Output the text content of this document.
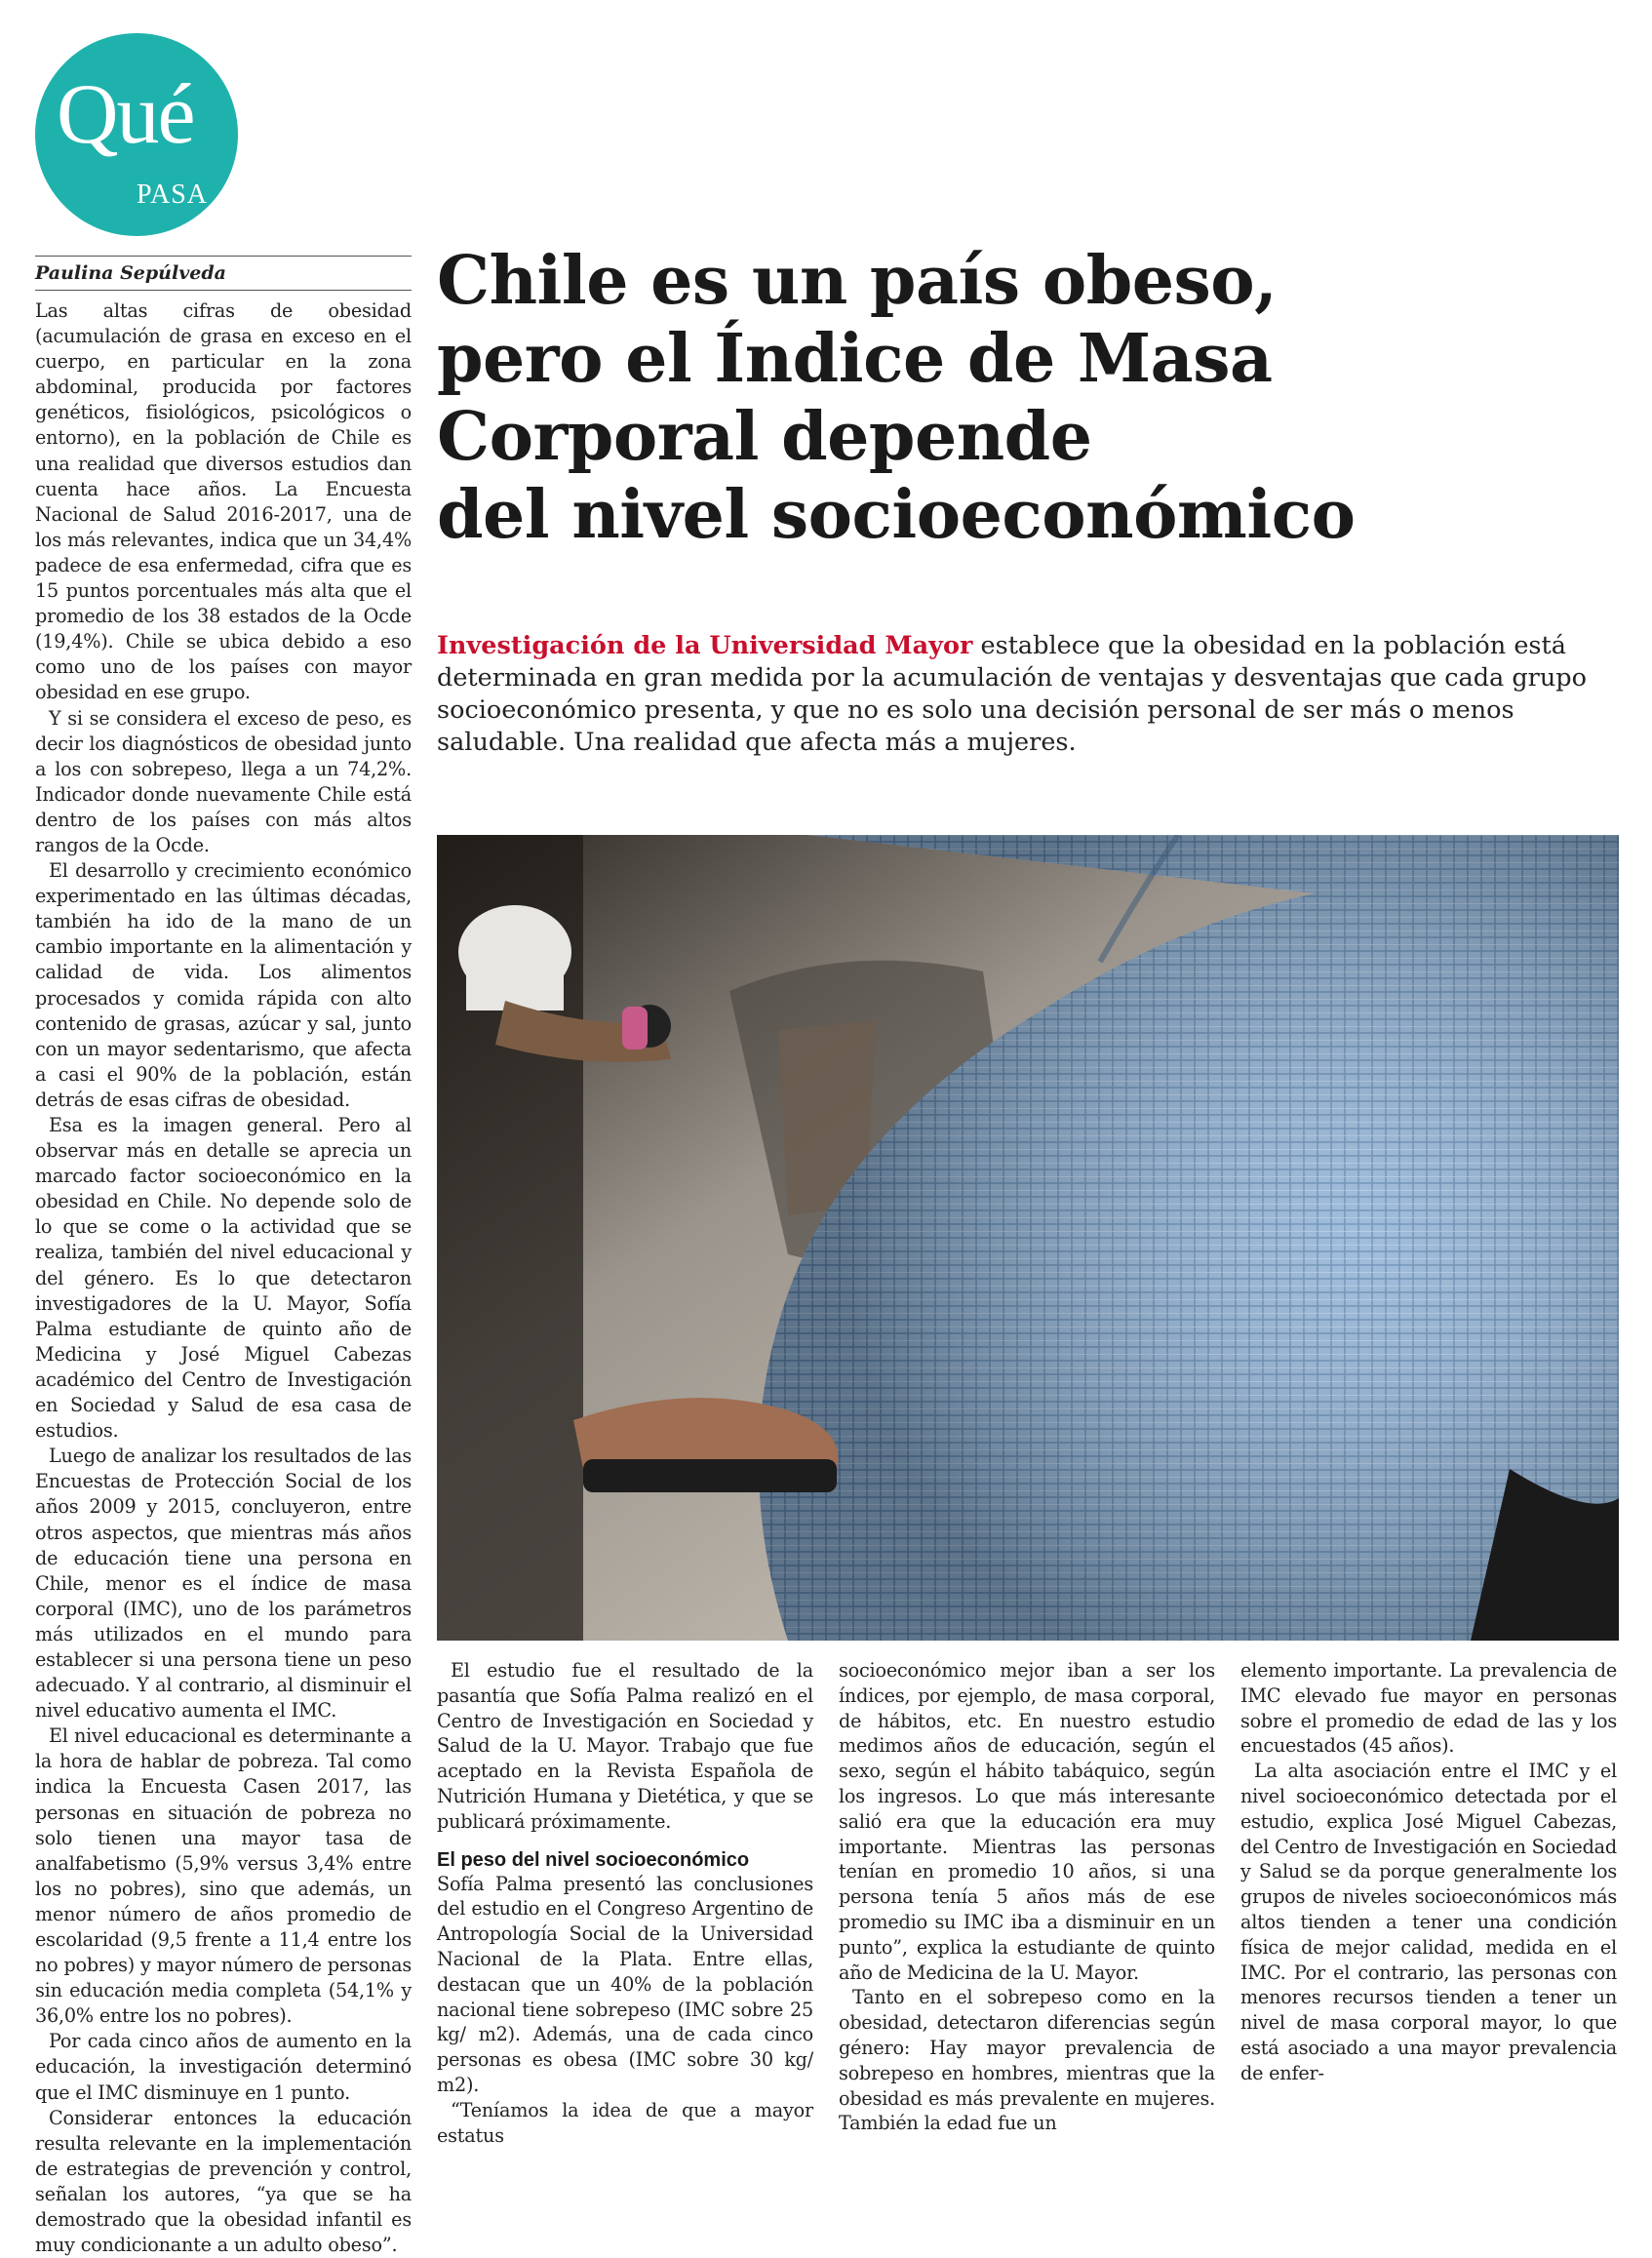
Qué
PASA
Chile es un país obeso,
pero el Índice de Masa
Corporal depende
del nivel socioeconómico
Investigación de la Universidad Mayor establece que la obesidad en la población está determinada en gran medida por la acumulación de ventajas y desventajas que cada grupo socioeconómico presenta, y que no es solo una decisión personal de ser más o menos saludable. Una realidad que afecta más a mujeres.
Paulina Sepúlveda

Las altas cifras de obesidad (acumulación de grasa en exceso en el cuerpo, en particular en la zona abdominal, producida por factores genéticos, fisiológicos, psicológicos o entorno), en la población de Chile es una realidad que diversos estudios dan cuenta hace años. La Encuesta Nacional de Salud 2016-2017, una de los más relevantes, indica que un 34,4% padece de esa enfermedad, cifra que es 15 puntos porcentuales más alta que el promedio de los 38 estados de la Ocde (19,4%). Chile se ubica debido a eso como uno de los países con mayor obesidad en ese grupo.

Y si se considera el exceso de peso, es decir los diagnósticos de obesidad junto a los con sobrepeso, llega a un 74,2%. Indicador donde nuevamente Chile está dentro de los países con más altos rangos de la Ocde.

El desarrollo y crecimiento económico experimentado en las últimas décadas, también ha ido de la mano de un cambio importante en la alimentación y calidad de vida. Los alimentos procesados y comida rápida con alto contenido de grasas, azúcar y sal, junto con un mayor sedentarismo, que afecta a casi el 90% de la población, están detrás de esas cifras de obesidad.

Esa es la imagen general. Pero al observar más en detalle se aprecia un marcado factor socioeconómico en la obesidad en Chile. No depende solo de lo que se come o la actividad que se realiza, también del nivel educacional y del género. Es lo que detectaron investigadores de la U. Mayor, Sofía Palma estudiante de quinto año de Medicina y José Miguel Cabezas académico del Centro de Investigación en Sociedad y Salud de esa casa de estudios.

Luego de analizar los resultados de las Encuestas de Protección Social de los años 2009 y 2015, concluyeron, entre otros aspectos, que mientras más años de educación tiene una persona en Chile, menor es el índice de masa corporal (IMC), uno de los parámetros más utilizados en el mundo para establecer si una persona tiene un peso adecuado. Y al contrario, al disminuir el nivel educativo aumenta el IMC.

El nivel educacional es determinante a la hora de hablar de pobreza. Tal como indica la Encuesta Casen 2017, las personas en situación de pobreza no solo tienen una mayor tasa de analfabetismo (5,9% versus 3,4% entre los no pobres), sino que además, un menor número de años promedio de escolaridad (9,5 frente a 11,4 entre los no pobres) y mayor número de personas sin educación media completa (54,1% y 36,0% entre los no pobres).

Por cada cinco años de aumento en la educación, la investigación determinó que el IMC disminuye en 1 punto.

Considerar entonces la educación resulta relevante en la implementación de estrategias de prevención y control, señalan los autores, “ya que se ha demostrado que la obesidad infantil es muy condicionante a un adulto obeso”.

El estudio fue el resultado de la pasantía que Sofía Palma realizó en el Centro de Investigación en Sociedad y Salud de la U. Mayor. Trabajo que fue aceptado en la Revista Española de Nutrición Humana y Dietética, y que se publicará próximamente.

El peso del nivel socioeconómico

Sofía Palma presentó las conclusiones del estudio en el Congreso Argentino de Antropología Social de la Universidad Nacional de la Plata. Entre ellas, destacan que un 40% de la población nacional tiene sobrepeso (IMC sobre 25 kg/ m2). Además, una de cada cinco personas es obesa (IMC sobre 30 kg/ m2).

“Teníamos la idea de que a mayor estatus

socioeconómico mejor iban a ser los índices, por ejemplo, de masa corporal, de hábitos, etc. En nuestro estudio medimos años de educación, según el sexo, según el hábito tabáquico, según los ingresos. Lo que más interesante salió era que la educación era muy importante. Mientras las personas tenían en promedio 10 años, si una persona tenía 5 años más de ese promedio su IMC iba a disminuir en un punto”, explica la estudiante de quinto año de Medicina de la U. Mayor.

Tanto en el sobrepeso como en la obesidad, detectaron diferencias según género: Hay mayor prevalencia de sobrepeso en hombres, mientras que la obesidad es más prevalente en mujeres. También la edad fue un

elemento importante. La prevalencia de IMC elevado fue mayor en personas sobre el promedio de edad de las y los encuestados (45 años).

La alta asociación entre el IMC y el nivel socioeconómico detectada por el estudio, explica José Miguel Cabezas, del Centro de Investigación en Sociedad y Salud se da porque generalmente los grupos de niveles socioeconómicos más altos tienden a tener una condición física de mejor calidad, medida en el IMC. Por el contrario, las personas con menores recursos tienden a tener un nivel de masa corporal mayor, lo que está asociado a una mayor prevalencia de enfer-
